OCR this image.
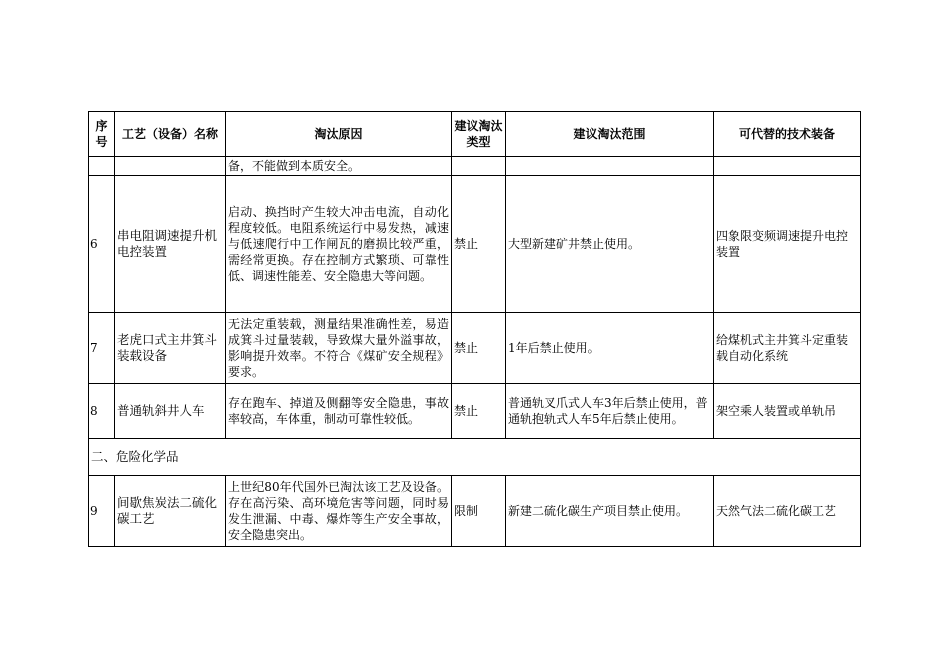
序号	工艺（设备）名称	淘汰原因	建议淘汰类型	建议淘汰范围	可代替的技术装备
		备，不能做到本质安全。			
6	串电阻调速提升机电控装置	启动、换挡时产生较大冲击电流，自动化程度较低。电阻系统运行中易发热，减速与低速爬行中工作闸瓦的磨损比较严重，需经常更换。存在控制方式繁琐、可靠性低、调速性能差、安全隐患大等问题。	禁止	大型新建矿井禁止使用。	四象限变频调速提升电控装置
7	老虎口式主井箕斗装载设备	无法定重装载，测量结果准确性差，易造成箕斗过量装载，导致煤大量外溢事故，影响提升效率。不符合《煤矿安全规程》要求。	禁止	1年后禁止使用。	给煤机式主井箕斗定重装载自动化系统
8	普通轨斜井人车	存在跑车、掉道及侧翻等安全隐患，事故率较高，车体重，制动可靠性较低。	禁止	普通轨叉爪式人车3年后禁止使用，普通轨抱轨式人车5年后禁止使用。	架空乘人装置或单轨吊
二、危险化学品					
9	间歇焦炭法二硫化碳工艺	上世纪80年代国外已淘汰该工艺及设备。存在高污染、高环境危害等问题，同时易发生泄漏、中毒、爆炸等生产安全事故，安全隐患突出。	限制	新建二硫化碳生产项目禁止使用。	天然气法二硫化碳工艺
